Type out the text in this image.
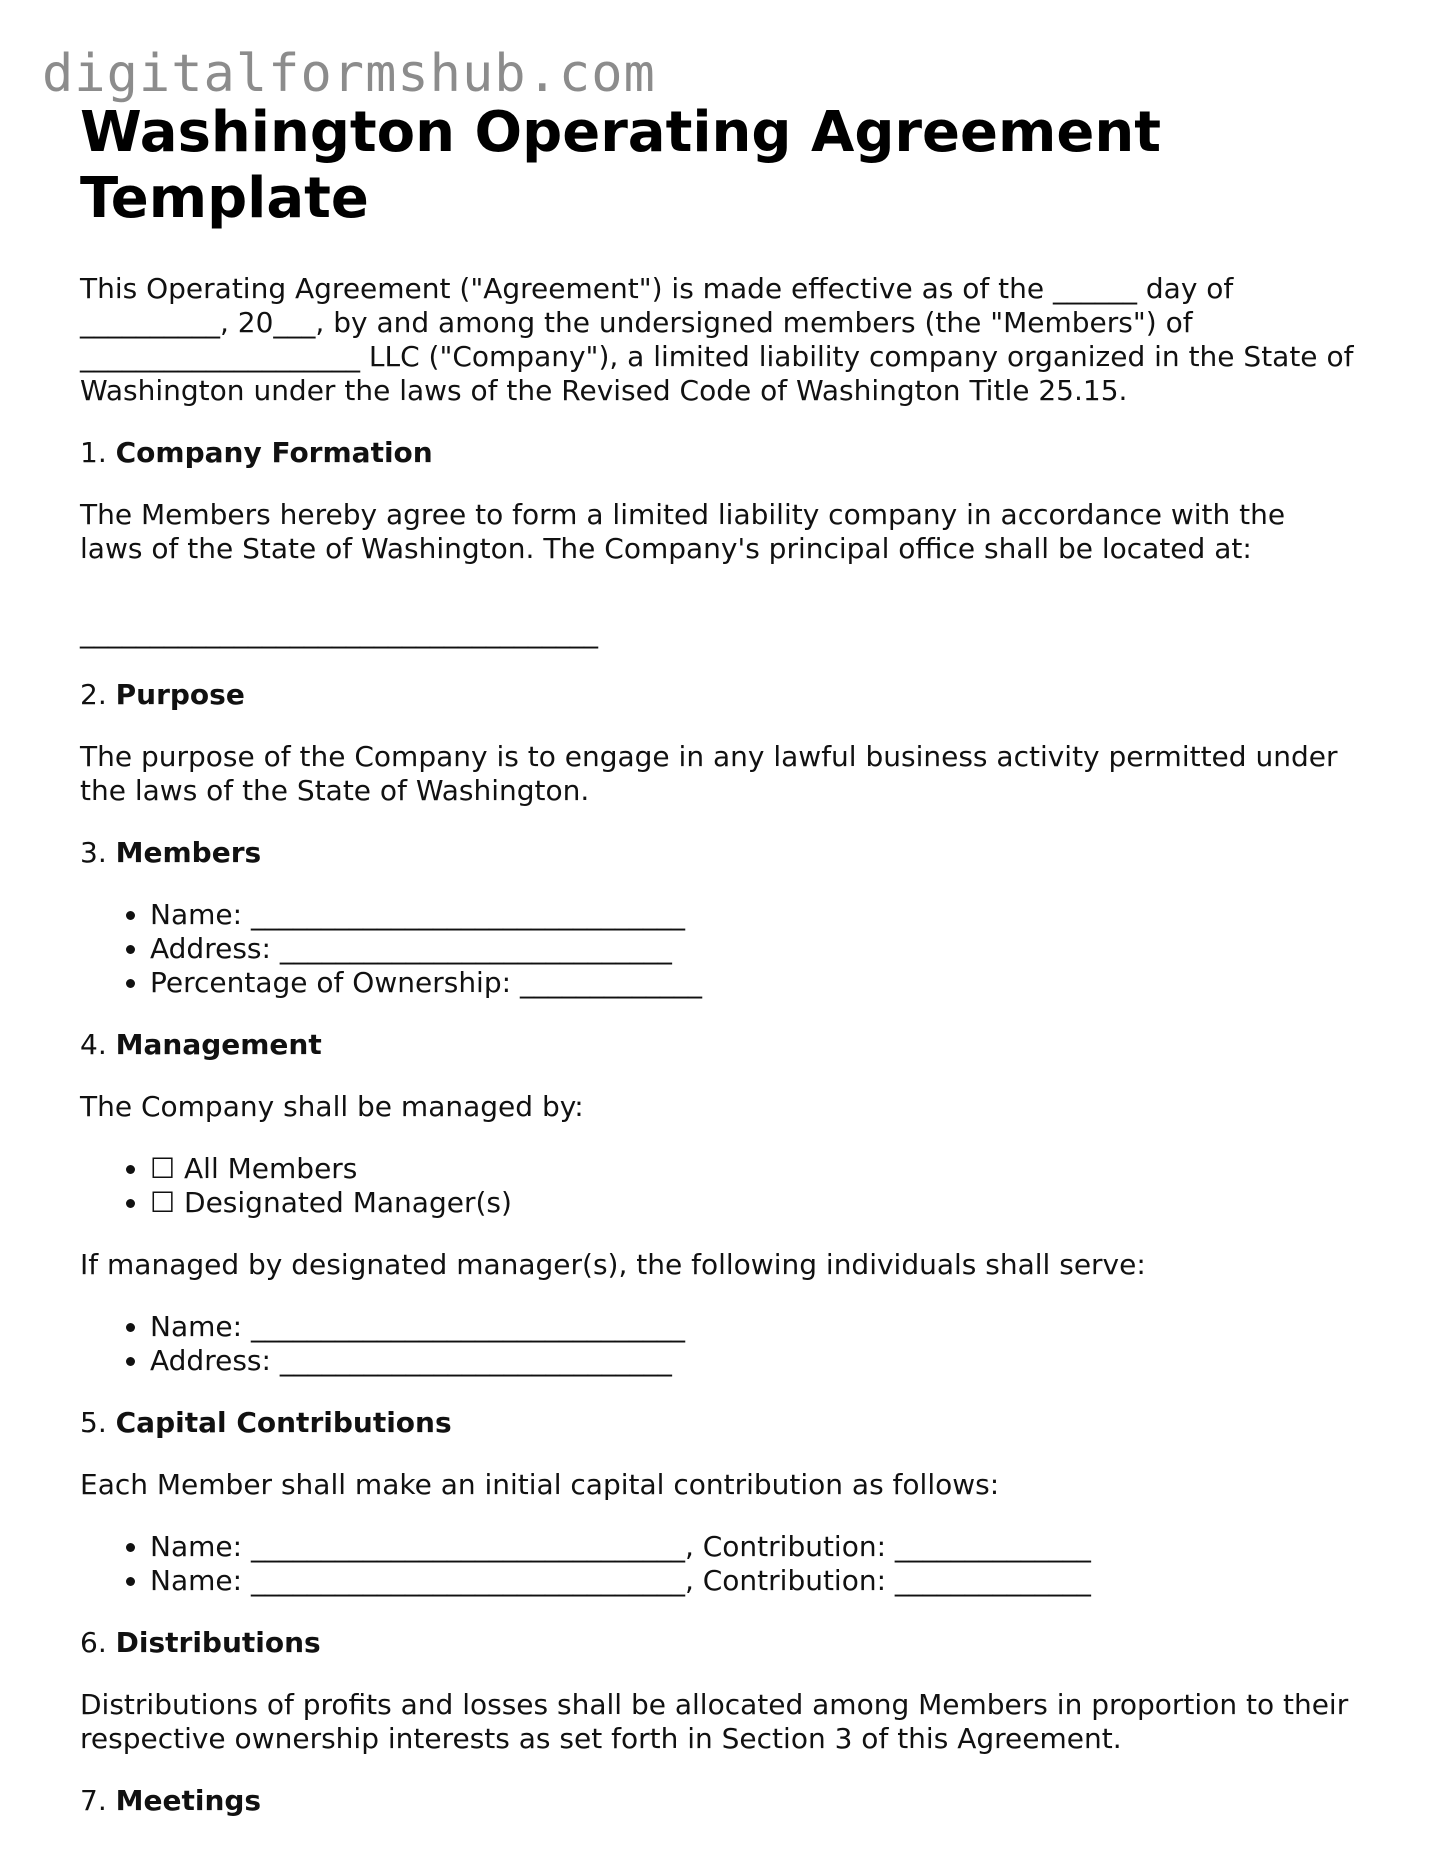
digitalformshub.com
Washington Operating Agreement Template

This Operating Agreement ("Agreement") is made effective as of the ______ day of
__________, 20___, by and among the undersigned members (the "Members") of
____________________ LLC ("Company"), a limited liability company organized in the State of
Washington under the laws of the Revised Code of Washington Title 25.15.

1. Company Formation

The Members hereby agree to form a limited liability company in accordance with the
laws of the State of Washington. The Company's principal office shall be located at:

_____________________________________

2. Purpose

The purpose of the Company is to engage in any lawful business activity permitted under
the laws of the State of Washington.

3. Members

• Name: _______________________________
• Address: ____________________________
• Percentage of Ownership: _____________

4. Management

The Company shall be managed by:

• ☐ All Members
• ☐ Designated Manager(s)

If managed by designated manager(s), the following individuals shall serve:

• Name: _______________________________
• Address: ____________________________

5. Capital Contributions

Each Member shall make an initial capital contribution as follows:

• Name: _______________________________, Contribution: ______________
• Name: _______________________________, Contribution: ______________

6. Distributions

Distributions of profits and losses shall be allocated among Members in proportion to their
respective ownership interests as set forth in Section 3 of this Agreement.

7. Meetings
